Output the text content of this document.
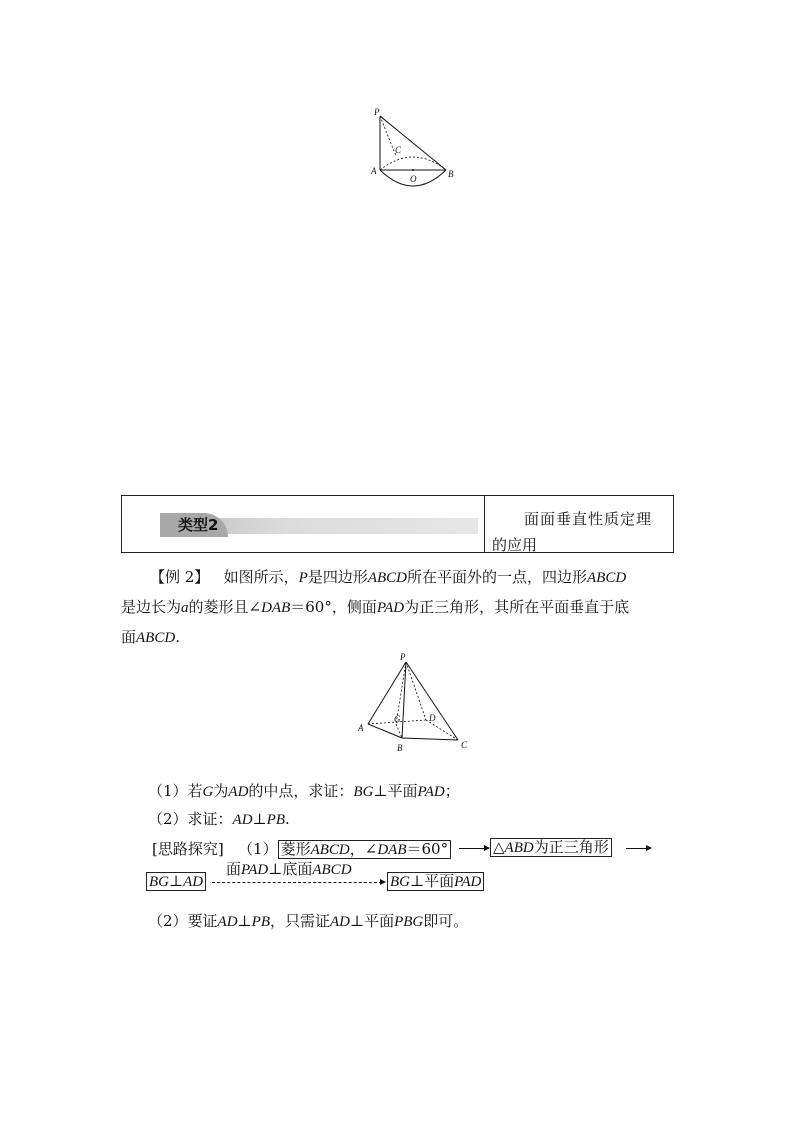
P
C
A
O	B
类型2	面面垂直性质定理
的应用
【例 2】 如图所示，P是四边形ABCD所在平面外的一点，四边形ABCD
是边长为a的菱形且∠DAB＝60°，侧面PAD为正三角形，其所在平面垂直于底
面ABCD.
P
A
G	D
B	C
（1）若G为AD的中点，求证：BG⊥平面PAD；
（2）求证：AD⊥PB.
[思路探究] （1） 菱形ABCD，∠DAB＝60°	△ABD为正三角形
面PAD⊥底面ABCD
BG⊥AD	BG⊥平面PAD
（2）要证AD⊥PB，只需证AD⊥平面PBG即可。
